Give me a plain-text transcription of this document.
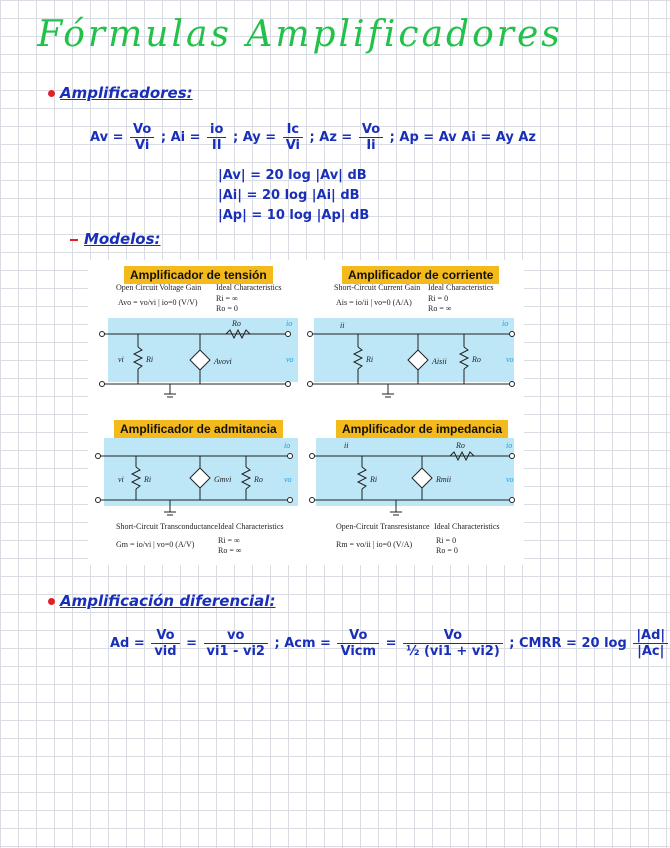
Fórmulas Amplificadores
Amplificadores:
$Av = \frac{Vo}{Vi}$ ; $Ai = \frac{io}{II}$ ; $Ay = \frac{Ic}{Vi}$ ; $Az = \frac{Vo}{Ii}$ ; Ap = Av Ai = Ay Az
|Av| = 20 log |Av| dB
|Ai| = 20 log |Ai| dB
|Ap| = 10 log |Ap| dB
Modelos:
Amplificador de tensión
Open Circuit Voltage Gain Ideal Characteristics
Avo = vo/vi | io=0 (V/V) Ri = ∞
Ro = 0
vi	Ri	Avovi
Ro
vo
io
Amplificador de corriente
Short-Circuit Current Gain Ideal Characteristics
Ais = io/ii | vo=0 (A/A) Ri = 0
Ro = ∞
ii
Ri	Aisii	Ro	vo
io
Amplificador de admitancia
vi	Ri	Gmvi	Ro	vo
io
Short-Circuit Transconductance Ideal Characteristics
Gm = io/vi | vo=0 (A/V)	Ri = ∞
Ro = ∞
Amplificador de impedancia
ii
Ri	Rmii
Ro
vo
io
Open-Circuit Transresistance Ideal Characteristics
Rm = vo/ii | io=0 (V/A)	Ri = 0
Ro = 0
Amplificación diferencial:
$Ad = \frac{Vo}{\text{vid}} = \frac{vo}{vi1 - vi2}$ ; Acm = $\frac{Vo}{\text{Vicm}} = \frac{Vo}{\text{½ (vi1 + vi2)}}$ ; CMRR = 20 $\log \frac{|Ad|}{|Ac|}$
